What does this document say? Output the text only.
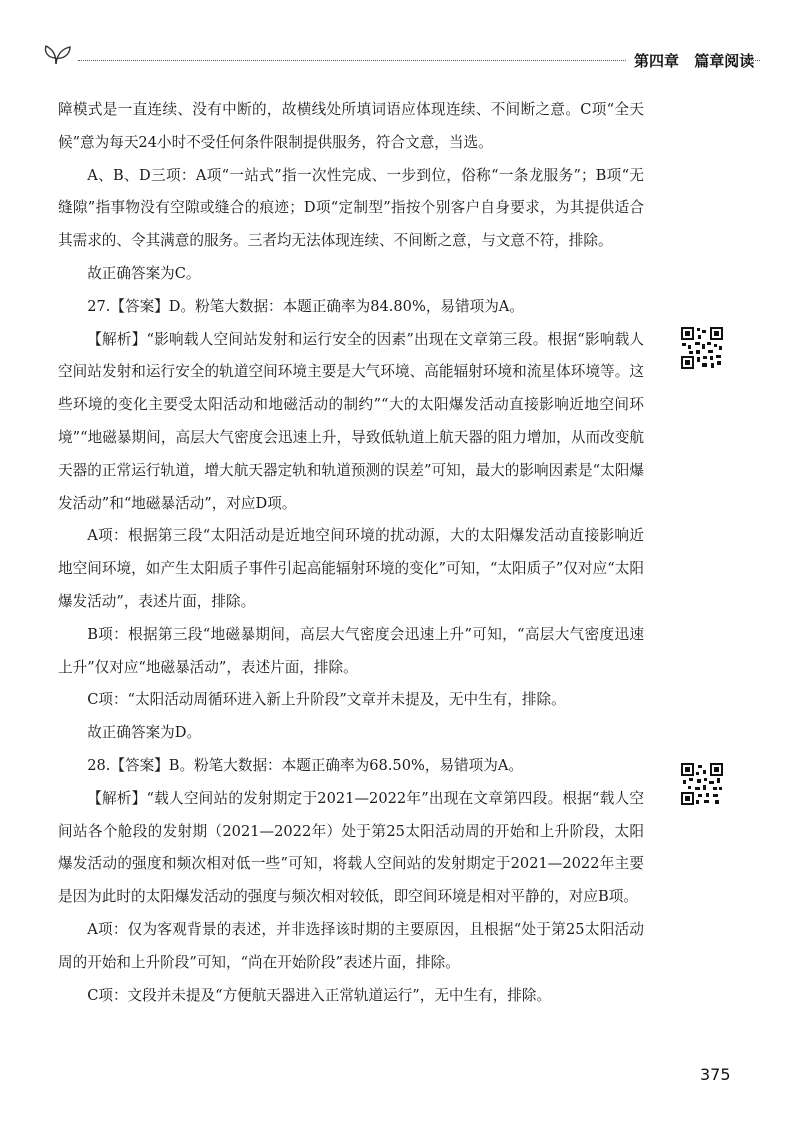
第四章 篇章阅读

障模式是一直连续、没有中断的，故横线处所填词语应体现连续、不间断之意。C项“全天候”意为每天24小时不受任何条件限制提供服务，符合文意，当选。

A、B、D三项：A项“一站式”指一次性完成、一步到位，俗称“一条龙服务”；B项“无缝隙”指事物没有空隙或缝合的痕迹；D项“定制型”指按个别客户自身要求，为其提供适合其需求的、令其满意的服务。三者均无法体现连续、不间断之意，与文意不符，排除。

故正确答案为C。

27.【答案】D。粉笔大数据：本题正确率为84.80%，易错项为A。

【解析】“影响载人空间站发射和运行安全的因素”出现在文章第三段。根据“影响载人空间站发射和运行安全的轨道空间环境主要是大气环境、高能辐射环境和流星体环境等。这些环境的变化主要受太阳活动和地磁活动的制约”“大的太阳爆发活动直接影响近地空间环境”“地磁暴期间，高层大气密度会迅速上升，导致低轨道上航天器的阻力增加，从而改变航天器的正常运行轨道，增大航天器定轨和轨道预测的误差”可知，最大的影响因素是“太阳爆发活动”和“地磁暴活动”，对应D项。

A项：根据第三段“太阳活动是近地空间环境的扰动源，大的太阳爆发活动直接影响近地空间环境，如产生太阳质子事件引起高能辐射环境的变化”可知，“太阳质子”仅对应“太阳爆发活动”，表述片面，排除。

B项：根据第三段“地磁暴期间，高层大气密度会迅速上升”可知，“高层大气密度迅速上升”仅对应“地磁暴活动”，表述片面，排除。

C项：“太阳活动周循环进入新上升阶段”文章并未提及，无中生有，排除。

故正确答案为D。

28.【答案】B。粉笔大数据：本题正确率为68.50%，易错项为A。

【解析】“载人空间站的发射期定于2021—2022年”出现在文章第四段。根据“载人空间站各个舱段的发射期（2021—2022年）处于第25太阳活动周的开始和上升阶段，太阳爆发活动的强度和频次相对低一些”可知，将载人空间站的发射期定于2021—2022年主要是因为此时的太阳爆发活动的强度与频次相对较低，即空间环境是相对平静的，对应B项。

A项：仅为客观背景的表述，并非选择该时期的主要原因，且根据“处于第25太阳活动周的开始和上升阶段”可知，“尚在开始阶段”表述片面，排除。

C项：文段并未提及“方便航天器进入正常轨道运行”，无中生有，排除。

375
